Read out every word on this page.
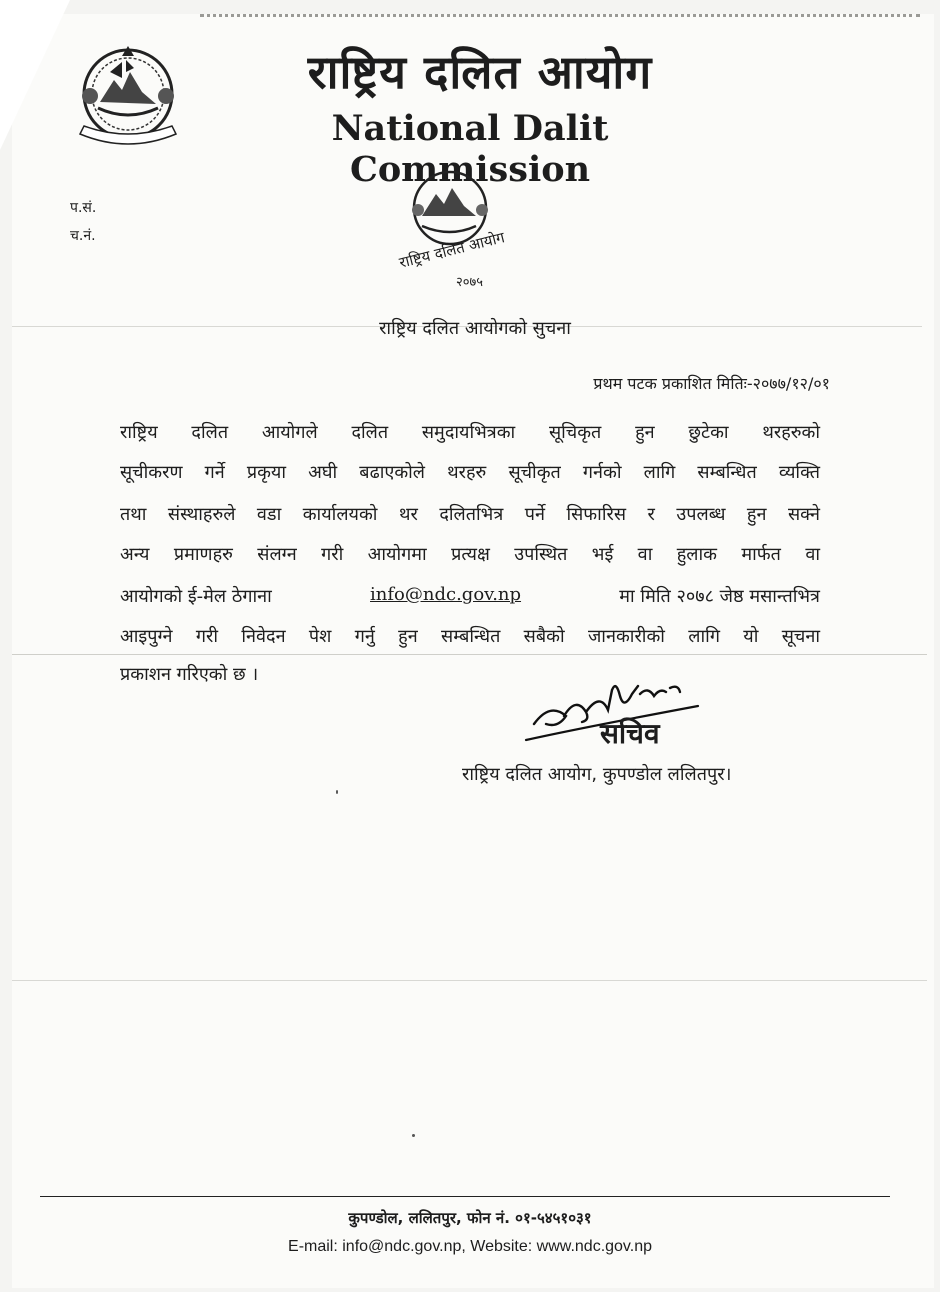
राष्ट्रिय दलित आयोग
National Dalit Commission
प.सं.
च.नं.	राष्ट्रिय दलित आयोग
२०७५
राष्ट्रिय दलित आयोगको सुचना
प्रथम पटक प्रकाशित मितिः-२०७७/१२/०१
राष्ट्रिय दलित आयोगले दलित समुदायभित्रका सूचिकृत हुन छुटेका थरहरुको
सूचीकरण गर्ने प्रकृया अघी बढाएकोले थरहरु सूचीकृत गर्नको लागि सम्बन्धित व्यक्ति
तथा संस्थाहरुले वडा कार्यालयको थर दलितभित्र पर्ने सिफारिस र उपलब्ध हुन सक्ने
अन्य प्रमाणहरु संलग्न गरी आयोगमा प्रत्यक्ष उपस्थित भई वा हुलाक मार्फत वा
आयोगको ई-मेल ठेगाना	info@ndc.gov.np	मा मिति २०७८ जेष्ठ मसान्तभित्र
आइपुग्ने गरी निवेदन पेश गर्नु हुन सम्बन्धित सबैको जानकारीको लागि यो सूचना
प्रकाशन गरिएको छ ।
सचिव
राष्ट्रिय दलित आयोग, कुपण्डोल ललितपुर।
कुपण्डोल, ललितपुर, फोन नं. ०१-५४५१०३१
E-mail: info@ndc.gov.np, Website: www.ndc.gov.np
